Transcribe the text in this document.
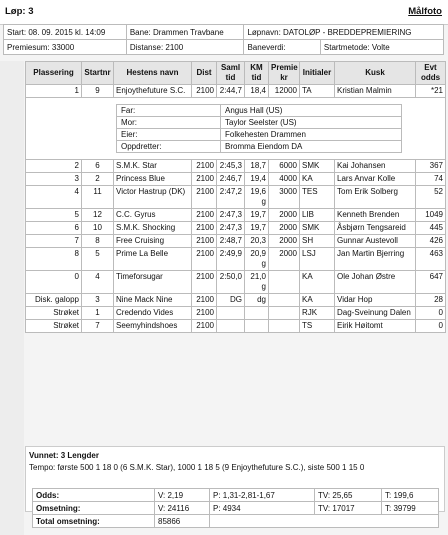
Løp: 3	Målfoto
Start: 08. 09. 2015 kl. 14:09	Bane: Drammen Travbane	Løpnavn: DATOLØP - BREDDEPREMIERING	
Premiesum: 33000	Distanse: 2100	Baneverdi:	Startmetode: Volte
Plassering	Startnr	Hestens navn	Dist	Saml tid	KM tid	Premie kr	Initialer	Kusk	Evt odds
1	9	Enjoythefuture S.C.	2100	2:44,7	18,4	12000	TA	Kristian Malmin	*21

Far:	Angus Hall (US)
Mor:	Taylor Seelster (US)
Eier:	Folkehesten Drammen
Oppdretter:	Bromma Eiendom DA

2	6	S.M.K. Star	2100	2:45,3	18,7	6000	SMK	Kai Johansen	367
3	2	Princess Blue	2100	2:46,7	19,4	4000	KA	Lars Anvar Kolle	74
4	11	Victor Hastrup (DK)	2100	2:47,2	19,6 g	3000	TES	Tom Erik Solberg	52
5	12	C.C. Gyrus	2100	2:47,3	19,7	2000	LIB	Kenneth Brenden	1049
6	10	S.M.K. Shocking	2100	2:47,3	19,7	2000	SMK	Åsbjørn Tengsareid	445
7	8	Free Cruising	2100	2:48,7	20,3	2000	SH	Gunnar Austevoll	426
8	5	Prime La Belle	2100	2:49,9	20,9 g	2000	LSJ	Jan Martin Bjerring	463
0	4	Timeforsugar	2100	2:50,0	21,0 g		KA	Ole Johan Østre	647
Disk. galopp	3	Nine Mack Nine	2100	DG	dg		KA	Vidar Hop	28
Strøket	1	Credendo Vides	2100				RJK	Dag-Sveinung Dalen	0
Strøket	7	Seemyhindshoes	2100				TS	Eirik Høitomt	0
Vunnet: 3 Lengder
Tempo: første 500 1 18 0 (6 S.M.K. Star), 1000 1 18 5 (9 Enjoythefuture S.C.), siste 500 1 15 0
Odds:	V: 2,19	P: 1,31-2,81-1,67	TV: 25,65	T: 199,6
Omsetning:	V: 24116	P: 4934	TV: 17017	T: 39799
Total omsetning:	85866			
